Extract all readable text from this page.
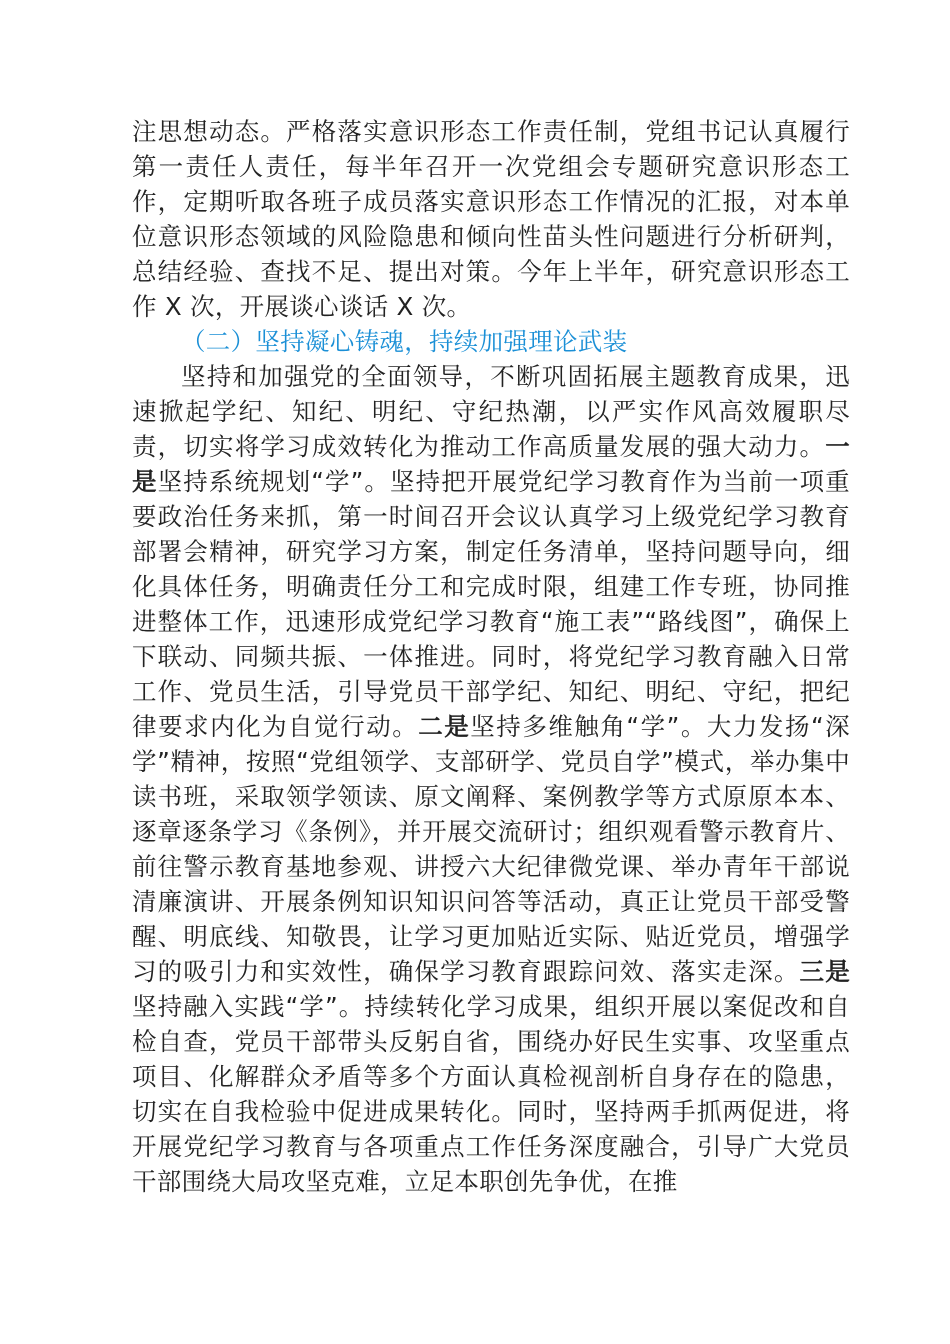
注思想动态。严格落实意识形态工作责任制，党组书记认真履行第一责任人责任，每半年召开一次党组会专题研究意识形态工作，定期听取各班子成员落实意识形态工作情况的汇报，对本单位意识形态领域的风险隐患和倾向性苗头性问题进行分析研判，总结经验、查找不足、提出对策。今年上半年，研究意识形态工作 X 次，开展谈心谈话 X 次。

（二）坚持凝心铸魂，持续加强理论武装

坚持和加强党的全面领导，不断巩固拓展主题教育成果，迅速掀起学纪、知纪、明纪、守纪热潮，以严实作风高效履职尽责，切实将学习成效转化为推动工作高质量发展的强大动力。一是坚持系统规划“学”。坚持把开展党纪学习教育作为当前一项重要政治任务来抓，第一时间召开会议认真学习上级党纪学习教育部署会精神，研究学习方案，制定任务清单，坚持问题导向，细化具体任务，明确责任分工和完成时限，组建工作专班，协同推进整体工作，迅速形成党纪学习教育“施工表”“路线图”，确保上下联动、同频共振、一体推进。同时，将党纪学习教育融入日常工作、党员生活，引导党员干部学纪、知纪、明纪、守纪，把纪律要求内化为自觉行动。二是坚持多维触角“学”。大力发扬“深学”精神，按照“党组领学、支部研学、党员自学”模式，举办集中读书班，采取领学领读、原文阐释、案例教学等方式原原本本、逐章逐条学习《条例》，并开展交流研讨；组织观看警示教育片、前往警示教育基地参观、讲授六大纪律微党课、举办青年干部说清廉演讲、开展条例知识知识问答等活动，真正让党员干部受警醒、明底线、知敬畏，让学习更加贴近实际、贴近党员，增强学习的吸引力和实效性，确保学习教育跟踪问效、落实走深。三是坚持融入实践“学”。持续转化学习成果，组织开展以案促改和自检自查，党员干部带头反躬自省，围绕办好民生实事、攻坚重点项目、化解群众矛盾等多个方面认真检视剖析自身存在的隐患，切实在自我检验中促进成果转化。同时，坚持两手抓两促进，将开展党纪学习教育与各项重点工作任务深度融合，引导广大党员干部围绕大局攻坚克难，立足本职创先争优，在推
